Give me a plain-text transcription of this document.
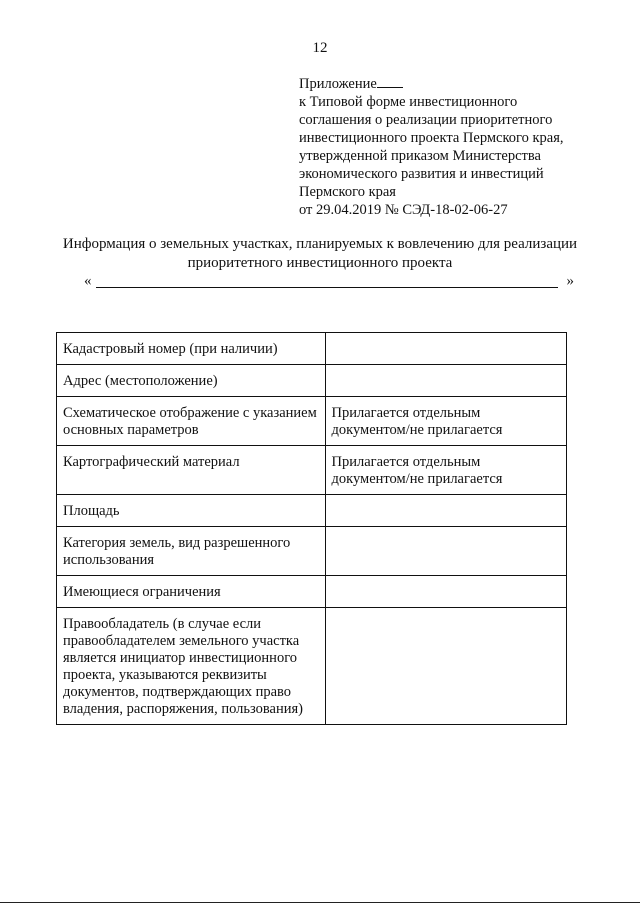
12
Приложение
к Типовой форме инвестиционного
соглашения о реализации приоритетного
инвестиционного проекта Пермского края,
утвержденной приказом Министерства
экономического развития и инвестиций
Пермского края
от 29.04.2019 № СЭД-18-02-06-27
Информация о земельных участках, планируемых к вовлечению для реализации
приоритетного инвестиционного проекта
«	»
Кадастровый номер (при наличии)	
Адрес (местоположение)	
Схематическое отображение с указанием основных параметров	Прилагается отдельным документом/не прилагается
Картографический материал	Прилагается отдельным документом/не прилагается
Площадь	
Категория земель, вид разрешенного использования	
Имеющиеся ограничения	
Правообладатель (в случае если правообладателем земельного участка является инициатор инвестиционного проекта, указываются реквизиты документов, подтверждающих право владения, распоряжения, пользования)	
